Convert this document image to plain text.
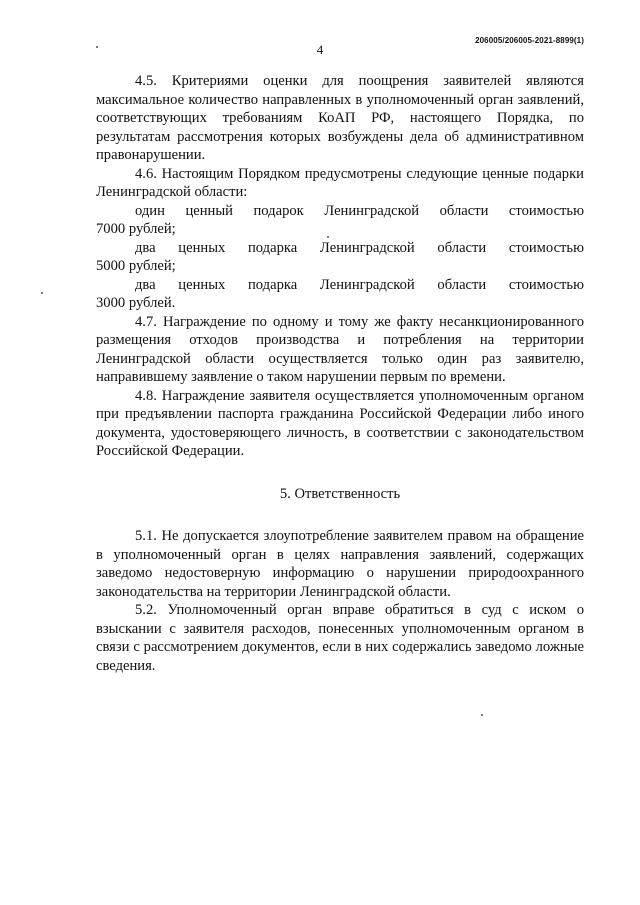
206005/206005-2021-8899(1)
4

4.5. Критериями оценки для поощрения заявителей являются максимальное количество направленных в уполномоченный орган заявлений, соответствующих требованиям КоАП РФ, настоящего Порядка, по результатам рассмотрения которых возбуждены дела об административном правонарушении.

4.6. Настоящим Порядком предусмотрены следующие ценные подарки Ленинградской области:

один ценный подарок Ленинградской области стоимостью

7000 рублей;

два ценных подарка Ленинградской области стоимостью

5000 рублей;

два ценных подарка Ленинградской области стоимостью

3000 рублей.

4.7. Награждение по одному и тому же факту несанкционированного размещения отходов производства и потребления на территории Ленинградской области осуществляется только один раз заявителю, направившему заявление о таком нарушении первым по времени.

4.8. Награждение заявителя осуществляется уполномоченным органом при предъявлении паспорта гражданина Российской Федерации либо иного документа, удостоверяющего личность, в соответствии с законодательством Российской Федерации.

5. Ответственность

5.1. Не допускается злоупотребление заявителем правом на обращение в уполномоченный орган в целях направления заявлений, содержащих заведомо недостоверную информацию о нарушении природоохранного законодательства на территории Ленинградской области.

5.2. Уполномоченный орган вправе обратиться в суд с иском о взыскании с заявителя расходов, понесенных уполномоченным органом в связи с рассмотрением документов, если в них содержались заведомо ложные сведения.
